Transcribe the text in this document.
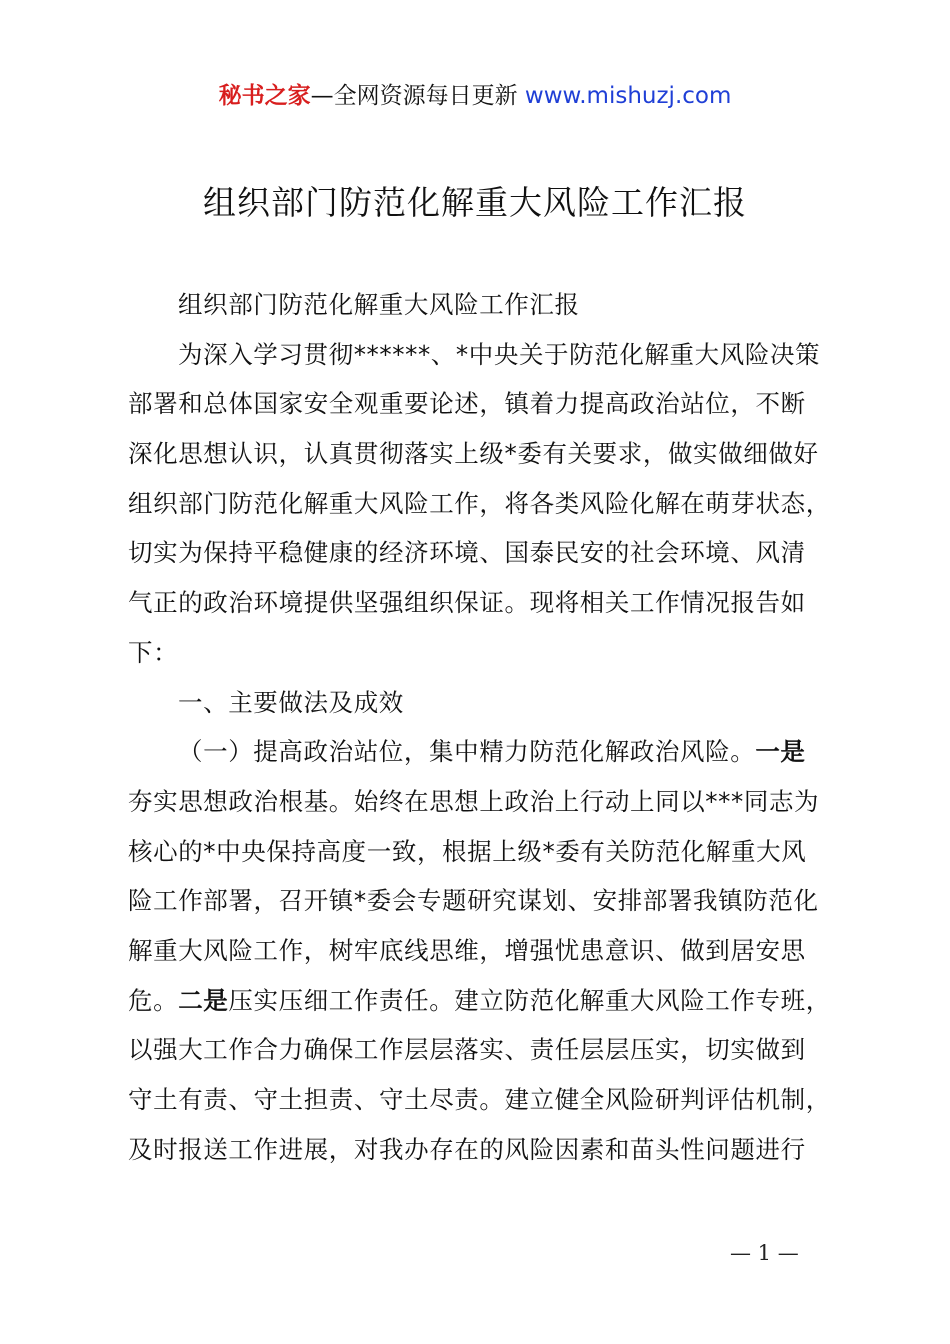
秘书之家—全网资源每日更新 www.mishuzj.com
组织部门防范化解重大风险工作汇报
组织部门防范化解重大风险工作汇报
为深入学习贯彻******、*中央关于防范化解重大风险决策
部署和总体国家安全观重要论述，镇着力提高政治站位，不断
深化思想认识，认真贯彻落实上级*委有关要求，做实做细做好
组织部门防范化解重大风险工作，将各类风险化解在萌芽状态，
切实为保持平稳健康的经济环境、国泰民安的社会环境、风清
气正的政治环境提供坚强组织保证。现将相关工作情况报告如
下：
一、主要做法及成效
（一）提高政治站位，集中精力防范化解政治风险。一是
夯实思想政治根基。始终在思想上政治上行动上同以***同志为
核心的*中央保持高度一致，根据上级*委有关防范化解重大风
险工作部署，召开镇*委会专题研究谋划、安排部署我镇防范化
解重大风险工作，树牢底线思维，增强忧患意识、做到居安思
危。二是压实压细工作责任。建立防范化解重大风险工作专班，
以强大工作合力确保工作层层落实、责任层层压实，切实做到
守土有责、守土担责、守土尽责。建立健全风险研判评估机制，
及时报送工作进展，对我办存在的风险因素和苗头性问题进行
— 1 —
